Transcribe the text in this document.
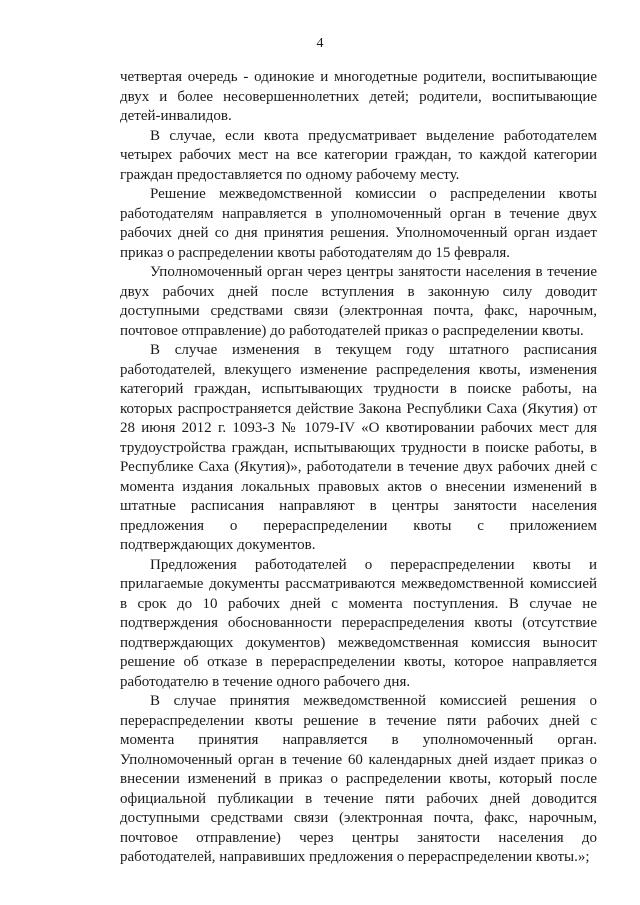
4

четвертая очередь - одинокие и многодетные родители, воспитывающие двух и более несовершеннолетних детей; родители, воспитывающие детей-инвалидов.

В случае, если квота предусматривает выделение работодателем четырех рабочих мест на все категории граждан, то каждой категории граждан предоставляется по одному рабочему месту.

Решение межведомственной комиссии о распределении квоты работодателям направляется в уполномоченный орган в течение двух рабочих дней со дня принятия решения. Уполномоченный орган издает приказ о распределении квоты работодателям до 15 февраля.

Уполномоченный орган через центры занятости населения в течение двух рабочих дней после вступления в законную силу доводит доступными средствами связи (электронная почта, факс, нарочным, почтовое отправление) до работодателей приказ о распределении квоты.

В случае изменения в текущем году штатного расписания работодателей, влекущего изменение распределения квоты, изменения категорий граждан, испытывающих трудности в поиске работы, на которых распространяется действие Закона Республики Саха (Якутия) от 28 июня 2012 г. 1093-З № 1079-IV «О квотировании рабочих мест для трудоустройства граждан, испытывающих трудности в поиске работы, в Республике Саха (Якутия)», работодатели в течение двух рабочих дней с момента издания локальных правовых актов о внесении изменений в штатные расписания направляют в центры занятости населения предложения о перераспределении квоты с приложением подтверждающих документов.

Предложения работодателей о перераспределении квоты и прилагаемые документы рассматриваются межведомственной комиссией в срок до 10 рабочих дней с момента поступления. В случае не подтверждения обоснованности перераспределения квоты (отсутствие подтверждающих документов) межведомственная комиссия выносит решение об отказе в перераспределении квоты, которое направляется работодателю в течение одного рабочего дня.

В случае принятия межведомственной комиссией решения о перераспределении квоты решение в течение пяти рабочих дней с момента принятия направляется в уполномоченный орган. Уполномоченный орган в течение 60 календарных дней издает приказ о внесении изменений в приказ о распределении квоты, который после официальной публикации в течение пяти рабочих дней доводится доступными средствами связи (электронная почта, факс, нарочным, почтовое отправление) через центры занятости населения до работодателей, направивших предложения о перераспределении квоты.»;
